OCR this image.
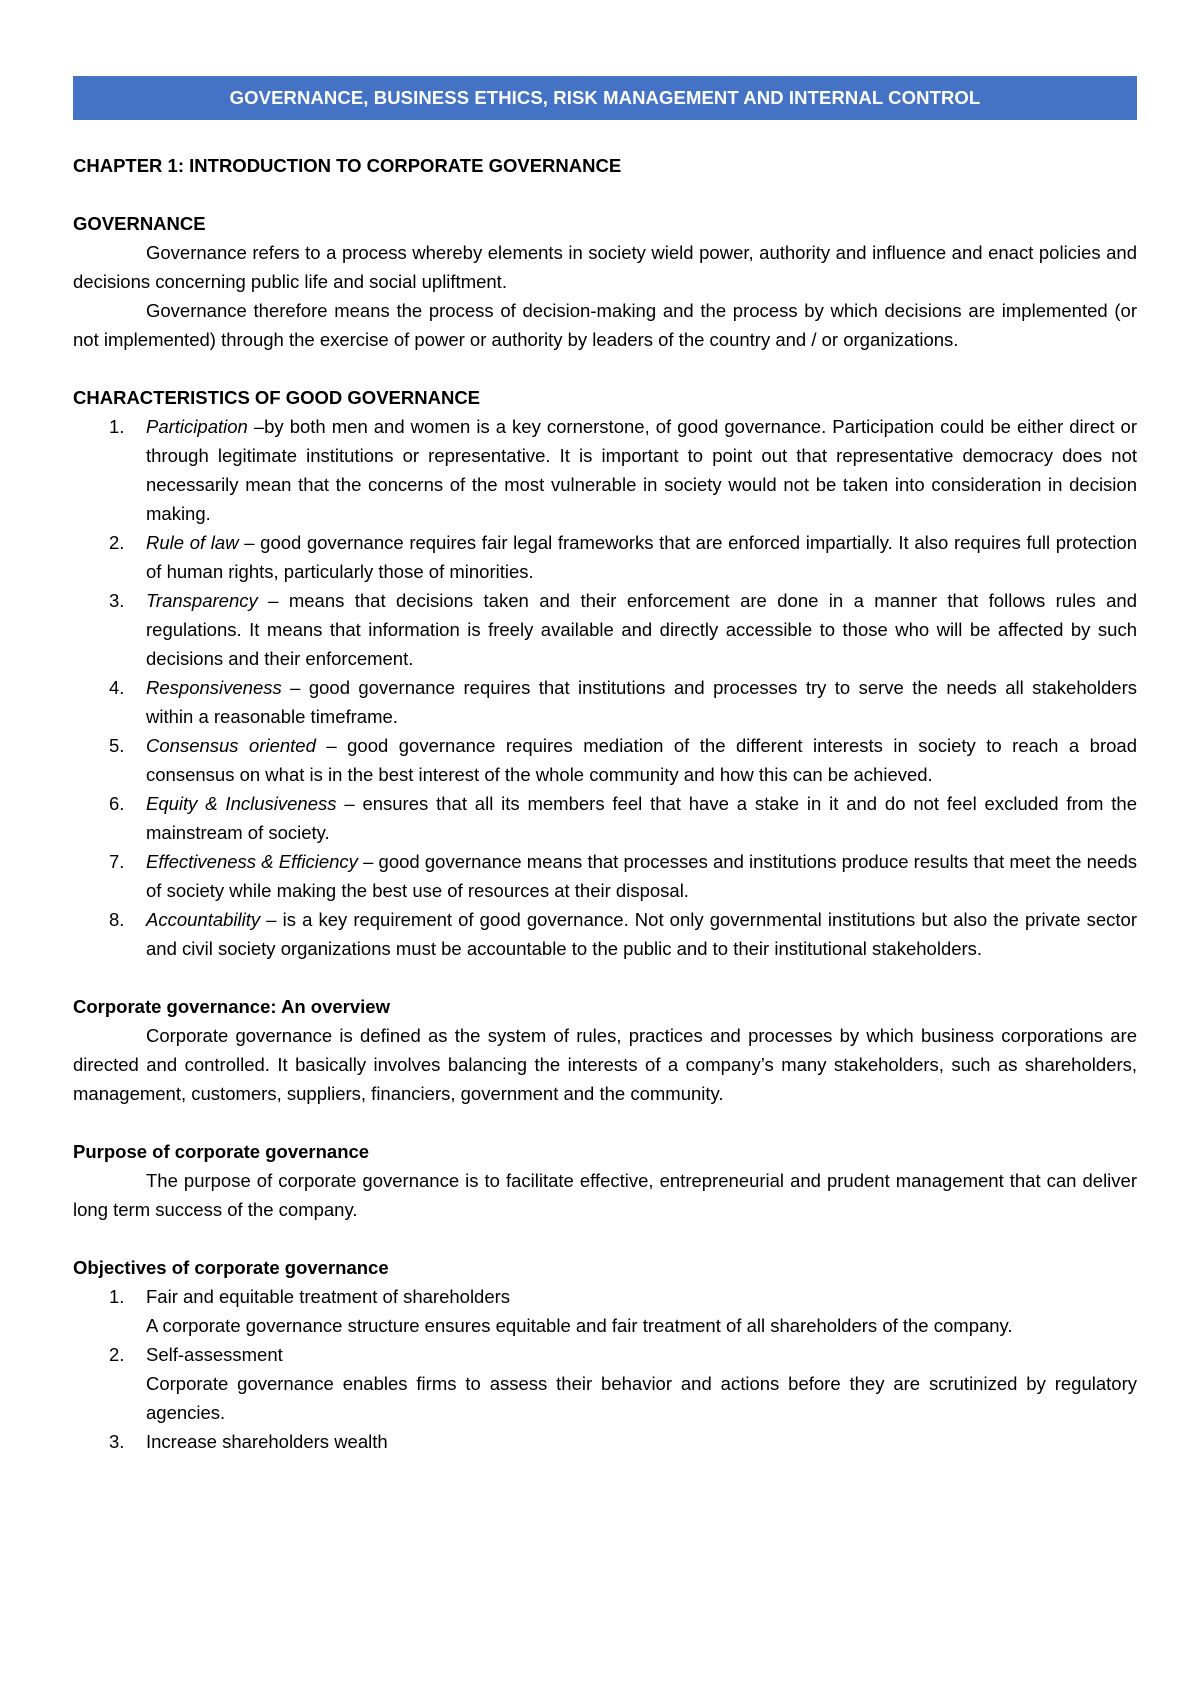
GOVERNANCE, BUSINESS ETHICS, RISK MANAGEMENT AND INTERNAL CONTROL
CHAPTER 1: INTRODUCTION TO CORPORATE GOVERNANCE
GOVERNANCE

Governance refers to a process whereby elements in society wield power, authority and influence and enact policies and decisions concerning public life and social upliftment.

Governance therefore means the process of decision-making and the process by which decisions are implemented (or not implemented) through the exercise of power or authority by leaders of the country and / or organizations.

CHARACTERISTICS OF GOOD GOVERNANCE
1. Participation –by both men and women is a key cornerstone, of good governance. Participation could be either direct or through legitimate institutions or representative. It is important to point out that representative democracy does not necessarily mean that the concerns of the most vulnerable in society would not be taken into consideration in decision making.
2. Rule of law – good governance requires fair legal frameworks that are enforced impartially. It also requires full protection of human rights, particularly those of minorities.
3. Transparency – means that decisions taken and their enforcement are done in a manner that follows rules and regulations. It means that information is freely available and directly accessible to those who will be affected by such decisions and their enforcement.
4. Responsiveness – good governance requires that institutions and processes try to serve the needs all stakeholders within a reasonable timeframe.
5. Consensus oriented – good governance requires mediation of the different interests in society to reach a broad consensus on what is in the best interest of the whole community and how this can be achieved.
6. Equity & Inclusiveness – ensures that all its members feel that have a stake in it and do not feel excluded from the mainstream of society.
7. Effectiveness & Efficiency – good governance means that processes and institutions produce results that meet the needs of society while making the best use of resources at their disposal.
8. Accountability – is a key requirement of good governance. Not only governmental institutions but also the private sector and civil society organizations must be accountable to the public and to their institutional stakeholders.
Corporate governance: An overview

Corporate governance is defined as the system of rules, practices and processes by which business corporations are directed and controlled. It basically involves balancing the interests of a company’s many stakeholders, such as shareholders, management, customers, suppliers, financiers, government and the community.

Purpose of corporate governance

The purpose of corporate governance is to facilitate effective, entrepreneurial and prudent management that can deliver long term success of the company.

Objectives of corporate governance
1. Fair and equitable treatment of shareholders
A corporate governance structure ensures equitable and fair treatment of all shareholders of the company.
2. Self-assessment
Corporate governance enables firms to assess their behavior and actions before they are scrutinized by regulatory agencies.
3. Increase shareholders wealth
